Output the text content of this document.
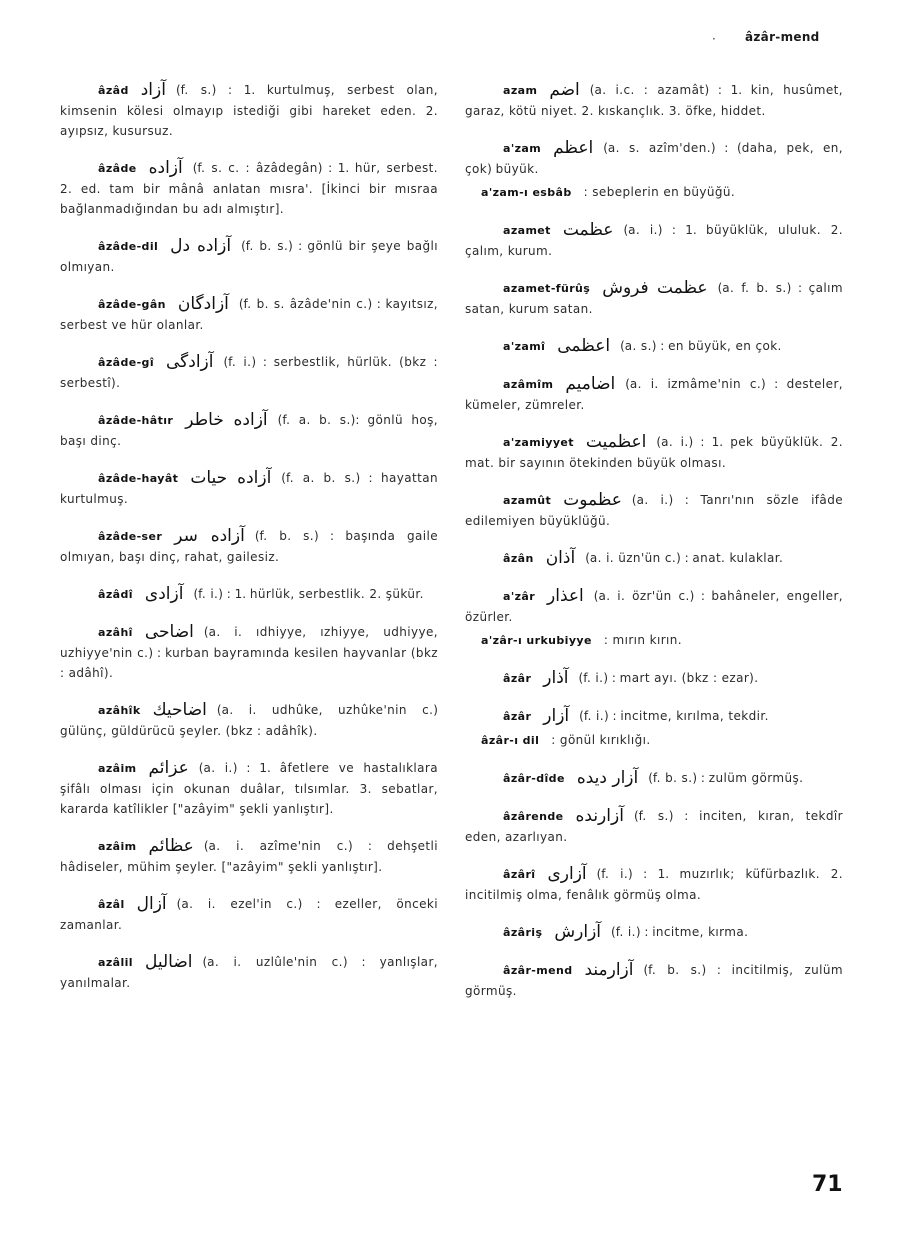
· âzâr-mend
âzâd آزاد (f. s.) : 1. kurtulmuş, serbest olan, kimsenin kölesi olmayıp istediği gibi hareket eden. 2. ayıpsız, kusursuz.
âzâde آزاده (f. s. c. : âzâdegân) : 1. hür, serbest. 2. ed. tam bir mânâ anlatan mısra'. [İkinci bir mısraa bağlanmadığından bu adı almıştır].
âzâde-dil آزاده دل (f. b. s.) : gönlü bir şeye bağlı olmıyan.
âzâde-gân آزادگان (f. b. s. âzâde'nin c.) : kayıtsız, serbest ve hür olanlar.
âzâde-gî آزادگى (f. i.) : serbestlik, hürlük. (bkz : serbestî).
âzâde-hâtır آزاده خاطر (f. a. b. s.): gönlü hoş, başı dinç.
âzâde-hayât آزاده حيات (f. a. b. s.) : hayattan kurtulmuş.
âzâde-ser آزاده سر (f. b. s.) : başında gaile olmıyan, başı dinç, rahat, gailesiz.
âzâdî آزادى (f. i.) : 1. hürlük, serbestlik. 2. şükür.
azâhî اضاحى (a. i. ıdhiyye, ızhiyye, udhiyye, uzhiyye'nin c.) : kurban bayramında kesilen hayvanlar (bkz : adâhî).
azâhîk اضاحيك (a. i. udhûke, uzhûke'nin c.) gülünç, güldürücü şeyler. (bkz : adâhîk).
azâim عزائم (a. i.) : 1. âfetlere ve hastalıklara şifâlı olması için okunan duâlar, tılsımlar. 3. sebatlar, kararda katîlikler ["azâyim" şekli yanlıştır].
azâim عظائم (a. i. azîme'nin c.) : dehşetli hâdiseler, mühim şeyler. ["azâyim" şekli yanlıştır].
âzâl آزال (a. i. ezel'in c.) : ezeller, önceki zamanlar.
azâlil اضاليل (a. i. uzlûle'nin c.) : yanlışlar, yanılmalar.
azam اضم (a. i.c. : azamât) : 1. kin, husûmet, garaz, kötü niyet. 2. kıskançlık. 3. öfke, hiddet.
a'zam اعظم (a. s. azîm'den.) : (daha, pek, en, çok) büyük.
a'zam-ı esbâb : sebeplerin en büyüğü.
azamet عظمت (a. i.) : 1. büyüklük, ululuk. 2. çalım, kurum.
azamet-fürûş عظمت فروش (a. f. b. s.) : çalım satan, kurum satan.
a'zamî اعظمى (a. s.) : en büyük, en çok.
azâmîm اضاميم (a. i. izmâme'nin c.) : desteler, kümeler, zümreler.
a'zamiyyet اعظميت (a. i.) : 1. pek büyüklük. 2. mat. bir sayının ötekinden büyük olması.
azamût عظموت (a. i.) : Tanrı'nın sözle ifâde edilemiyen büyüklüğü.
âzân آذان (a. i. üzn'ün c.) : anat. kulaklar.
a'zâr اعذار (a. i. özr'ün c.) : bahâneler, engeller, özürler.
a'zâr-ı urkubiyye : mırın kırın.
âzâr آذار (f. i.) : mart ayı. (bkz : ezar).
âzâr آزار (f. i.) : incitme, kırılma, tekdir.
âzâr-ı dil : gönül kırıklığı.
âzâr-dîde آزار ديده (f. b. s.) : zulüm görmüş.
âzârende آزارنده (f. s.) : inciten, kıran, tekdîr eden, azarlıyan.
âzârî آزارى (f. i.) : 1. muzırlık; küfürbazlık. 2. incitilmiş olma, fenâlık görmüş olma.
âzâriş آزارش (f. i.) : incitme, kırma.
âzâr-mend آزارمند (f. b. s.) : incitilmiş, zulüm görmüş.
71
